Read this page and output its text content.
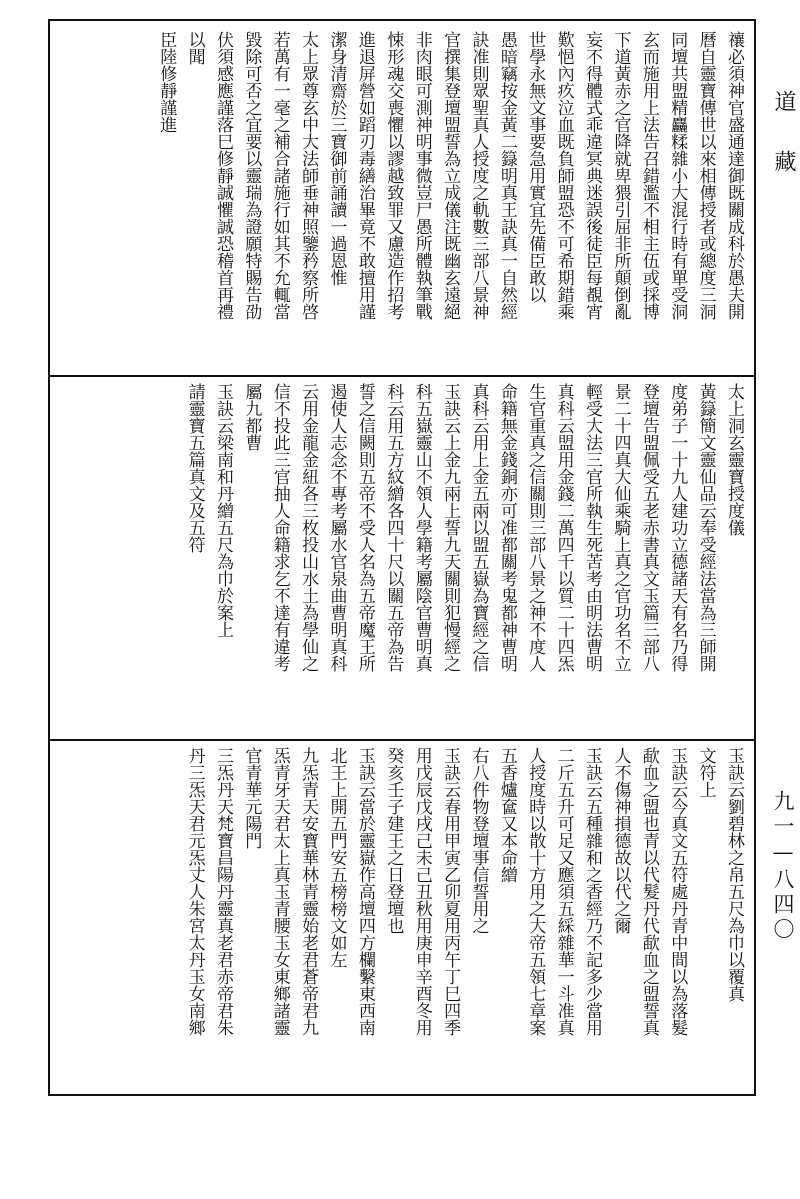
禳必須神官盛通達御既關成科於愚夫開
曆自靈寶傳世以來相傳授者或總度三洞
同壇共盟精麤糅雜小大混行時有單受洞
玄而施用上法告召錯濫不相主伍或採博
下道黃赤之官降就卑猥引屈非所顛倒亂
妄不得體式乖違冥典迷誤後徒臣每覩宵
歎悒內疚泣血既負師盟恐不可希期錯乘
世學永無文事要急用實宜先備臣敢以
愚暗竊按金黃二籙明真王訣真一自然經
訣准則眾聖真人授度之軌數三部八景神
官撰集登壇盟誓為立成儀注既幽玄遠絕
非肉眼可測神明事微豈尸愚所體執筆戰
悚形魂交喪懼以謬越致罪又慮造作招考
進退屏營如蹈刃毒繕治畢竟不敢擅用謹
潔身清齋於三寶御前誦讀一過恩惟
太上眾尊玄中大法師垂神照鑒矜察所啓
若萬有一毫之補合諸施行如其不允輒當
毀除可否之宜要以靈瑞為證願特賜告劭
伏須感應謹落巳修靜誠懼誠恐稽首再禮
以聞
臣陸修靜謹進
太上洞玄靈寶授度儀
黃籙簡文靈仙品云奉受經法當為三師開
度弟子一十九人建功立德諸天有名乃得
登壇告盟佩受五老赤書真文玉篇三部八
景二十四真大仙乘騎上真之官功名不立
輕受大法三官所執生死苦考由明法曹明
真科云盟用金錢二萬四千以質二十四炁
生官重真之信關則三部八景之神不度人
命籍無金錢銅亦可准都關考鬼都神曹明
真科云用上金五兩以盟五嶽為寶經之信
玉訣云上金九兩上誓九天關則犯慢經之
科五嶽靈山不領人學籍考屬陰官曹明真
科云用五方紋繒各四十尺以關五帝為告
誓之信闕則五帝不受人名為五帝魔王所
遏使人志念不專考屬水官泉曲曹明真科
云用金龍金紐各三枚投山水土為學仙之
信不投此三官抽人命籍求乞不達有違考
屬九都曹
玉訣云梁南和丹繒五尺為巾於案上
請靈寶五篇真文及五符
玉訣云劉碧林之帛五尺為巾以覆真
文符上
玉訣云今真文五符處丹青中間以為落髮
歃血之盟也青以代髮丹代歃血之盟誓真
人不傷神損德故以代之爾
玉訣云五種雜和之香經乃不記多少當用
二斤五升可足又應須五綵雜華一斗准真
人授度時以散十方用之大帝五領七章案
五香爐奩又本命繒
右八件物登壇事信誓用之
玉訣云春用甲寅乙卯夏用丙午丁巳四季
用戊辰戊戌己未己丑秋用庚申辛酉冬用
癸亥壬子建王之日登壇也
玉訣云當於靈嶽作高壇四方欄繫東西南
北王上開五門安五榜榜文如左
九炁青天安寶華林青靈始老君蒼帝君九
炁青牙天君太上真玉青腰玉女東鄉諸靈
官青華元陽門
三炁丹天梵寶昌陽丹靈真老君赤帝君朱
丹三炁天君元炁丈人朱宮太丹玉女南鄉
道藏
九一—八四〇
